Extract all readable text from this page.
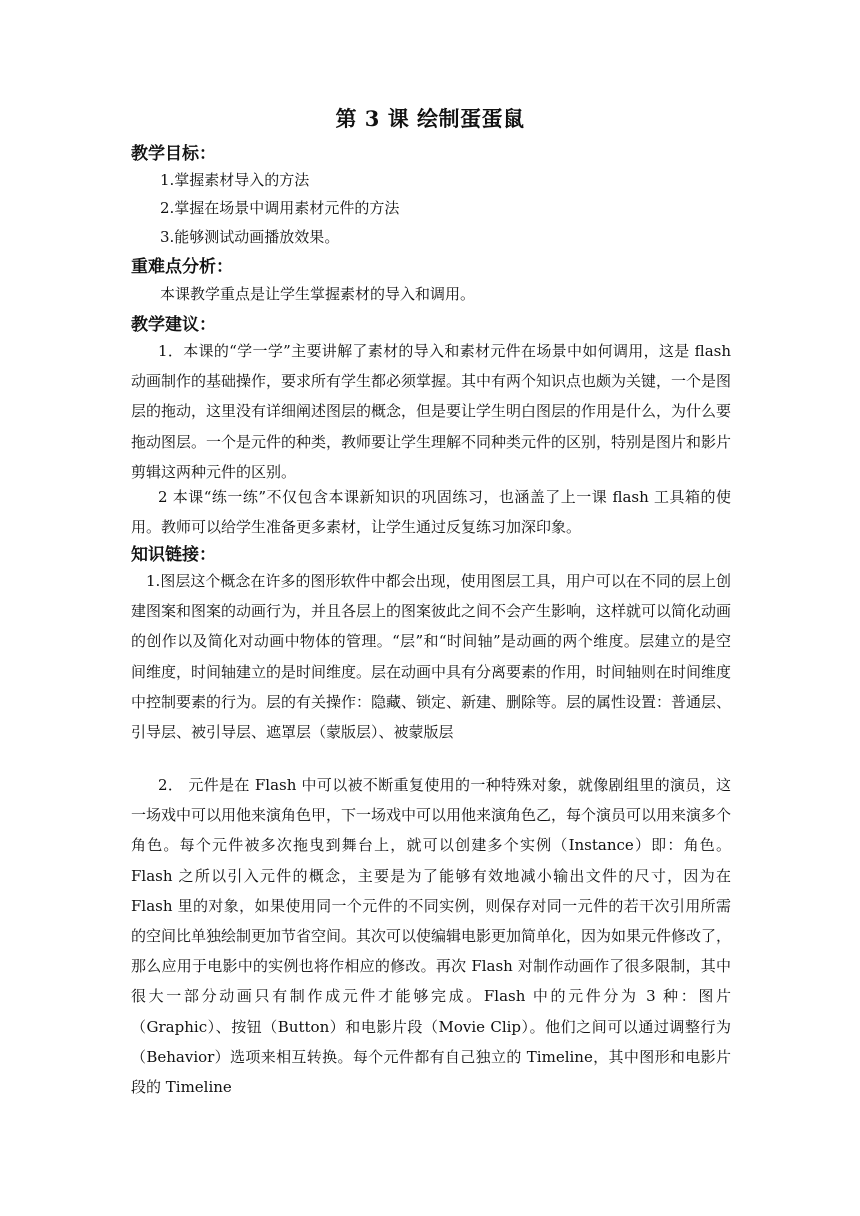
第 3 课 绘制蛋蛋鼠
教学目标：
1.掌握素材导入的方法
2.掌握在场景中调用素材元件的方法
3.能够测试动画播放效果。
重难点分析：
本课教学重点是让学生掌握素材的导入和调用。
教学建议：
1．本课的“学一学”主要讲解了素材的导入和素材元件在场景中如何调用，这是 flash 动画制作的基础操作，要求所有学生都必须掌握。其中有两个知识点也颇为关键，一个是图层的拖动，这里没有详细阐述图层的概念，但是要让学生明白图层的作用是什么，为什么要拖动图层。一个是元件的种类，教师要让学生理解不同种类元件的区别，特别是图片和影片剪辑这两种元件的区别。
2 本课“练一练”不仅包含本课新知识的巩固练习，也涵盖了上一课 flash 工具箱的使用。教师可以给学生准备更多素材，让学生通过反复练习加深印象。
知识链接：
1.图层这个概念在许多的图形软件中都会出现，使用图层工具，用户可以在不同的层上创建图案和图案的动画行为，并且各层上的图案彼此之间不会产生影响，这样就可以简化动画的创作以及简化对动画中物体的管理。“层”和“时间轴”是动画的两个维度。层建立的是空间维度，时间轴建立的是时间维度。层在动画中具有分离要素的作用，时间轴则在时间维度中控制要素的行为。层的有关操作：隐藏、锁定、新建、删除等。层的属性设置：普通层、引导层、被引导层、遮罩层（蒙版层）、被蒙版层
2． 元件是在 Flash 中可以被不断重复使用的一种特殊对象，就像剧组里的演员，这一场戏中可以用他来演角色甲，下一场戏中可以用他来演角色乙，每个演员可以用来演多个角色。每个元件被多次拖曳到舞台上，就可以创建多个实例（Instance）即：角色。Flash 之所以引入元件的概念，主要是为了能够有效地减小输出文件的尺寸，因为在 Flash 里的对象，如果使用同一个元件的不同实例，则保存对同一元件的若干次引用所需的空间比单独绘制更加节省空间。其次可以使编辑电影更加简单化，因为如果元件修改了，那么应用于电影中的实例也将作相应的修改。再次 Flash 对制作动画作了很多限制，其中很大一部分动画只有制作成元件才能够完成。Flash 中的元件分为 3 种：图片（Graphic）、按钮（Button）和电影片段（Movie Clip）。他们之间可以通过调整行为（Behavior）选项来相互转换。每个元件都有自己独立的 Timeline，其中图形和电影片段的 Timeline
